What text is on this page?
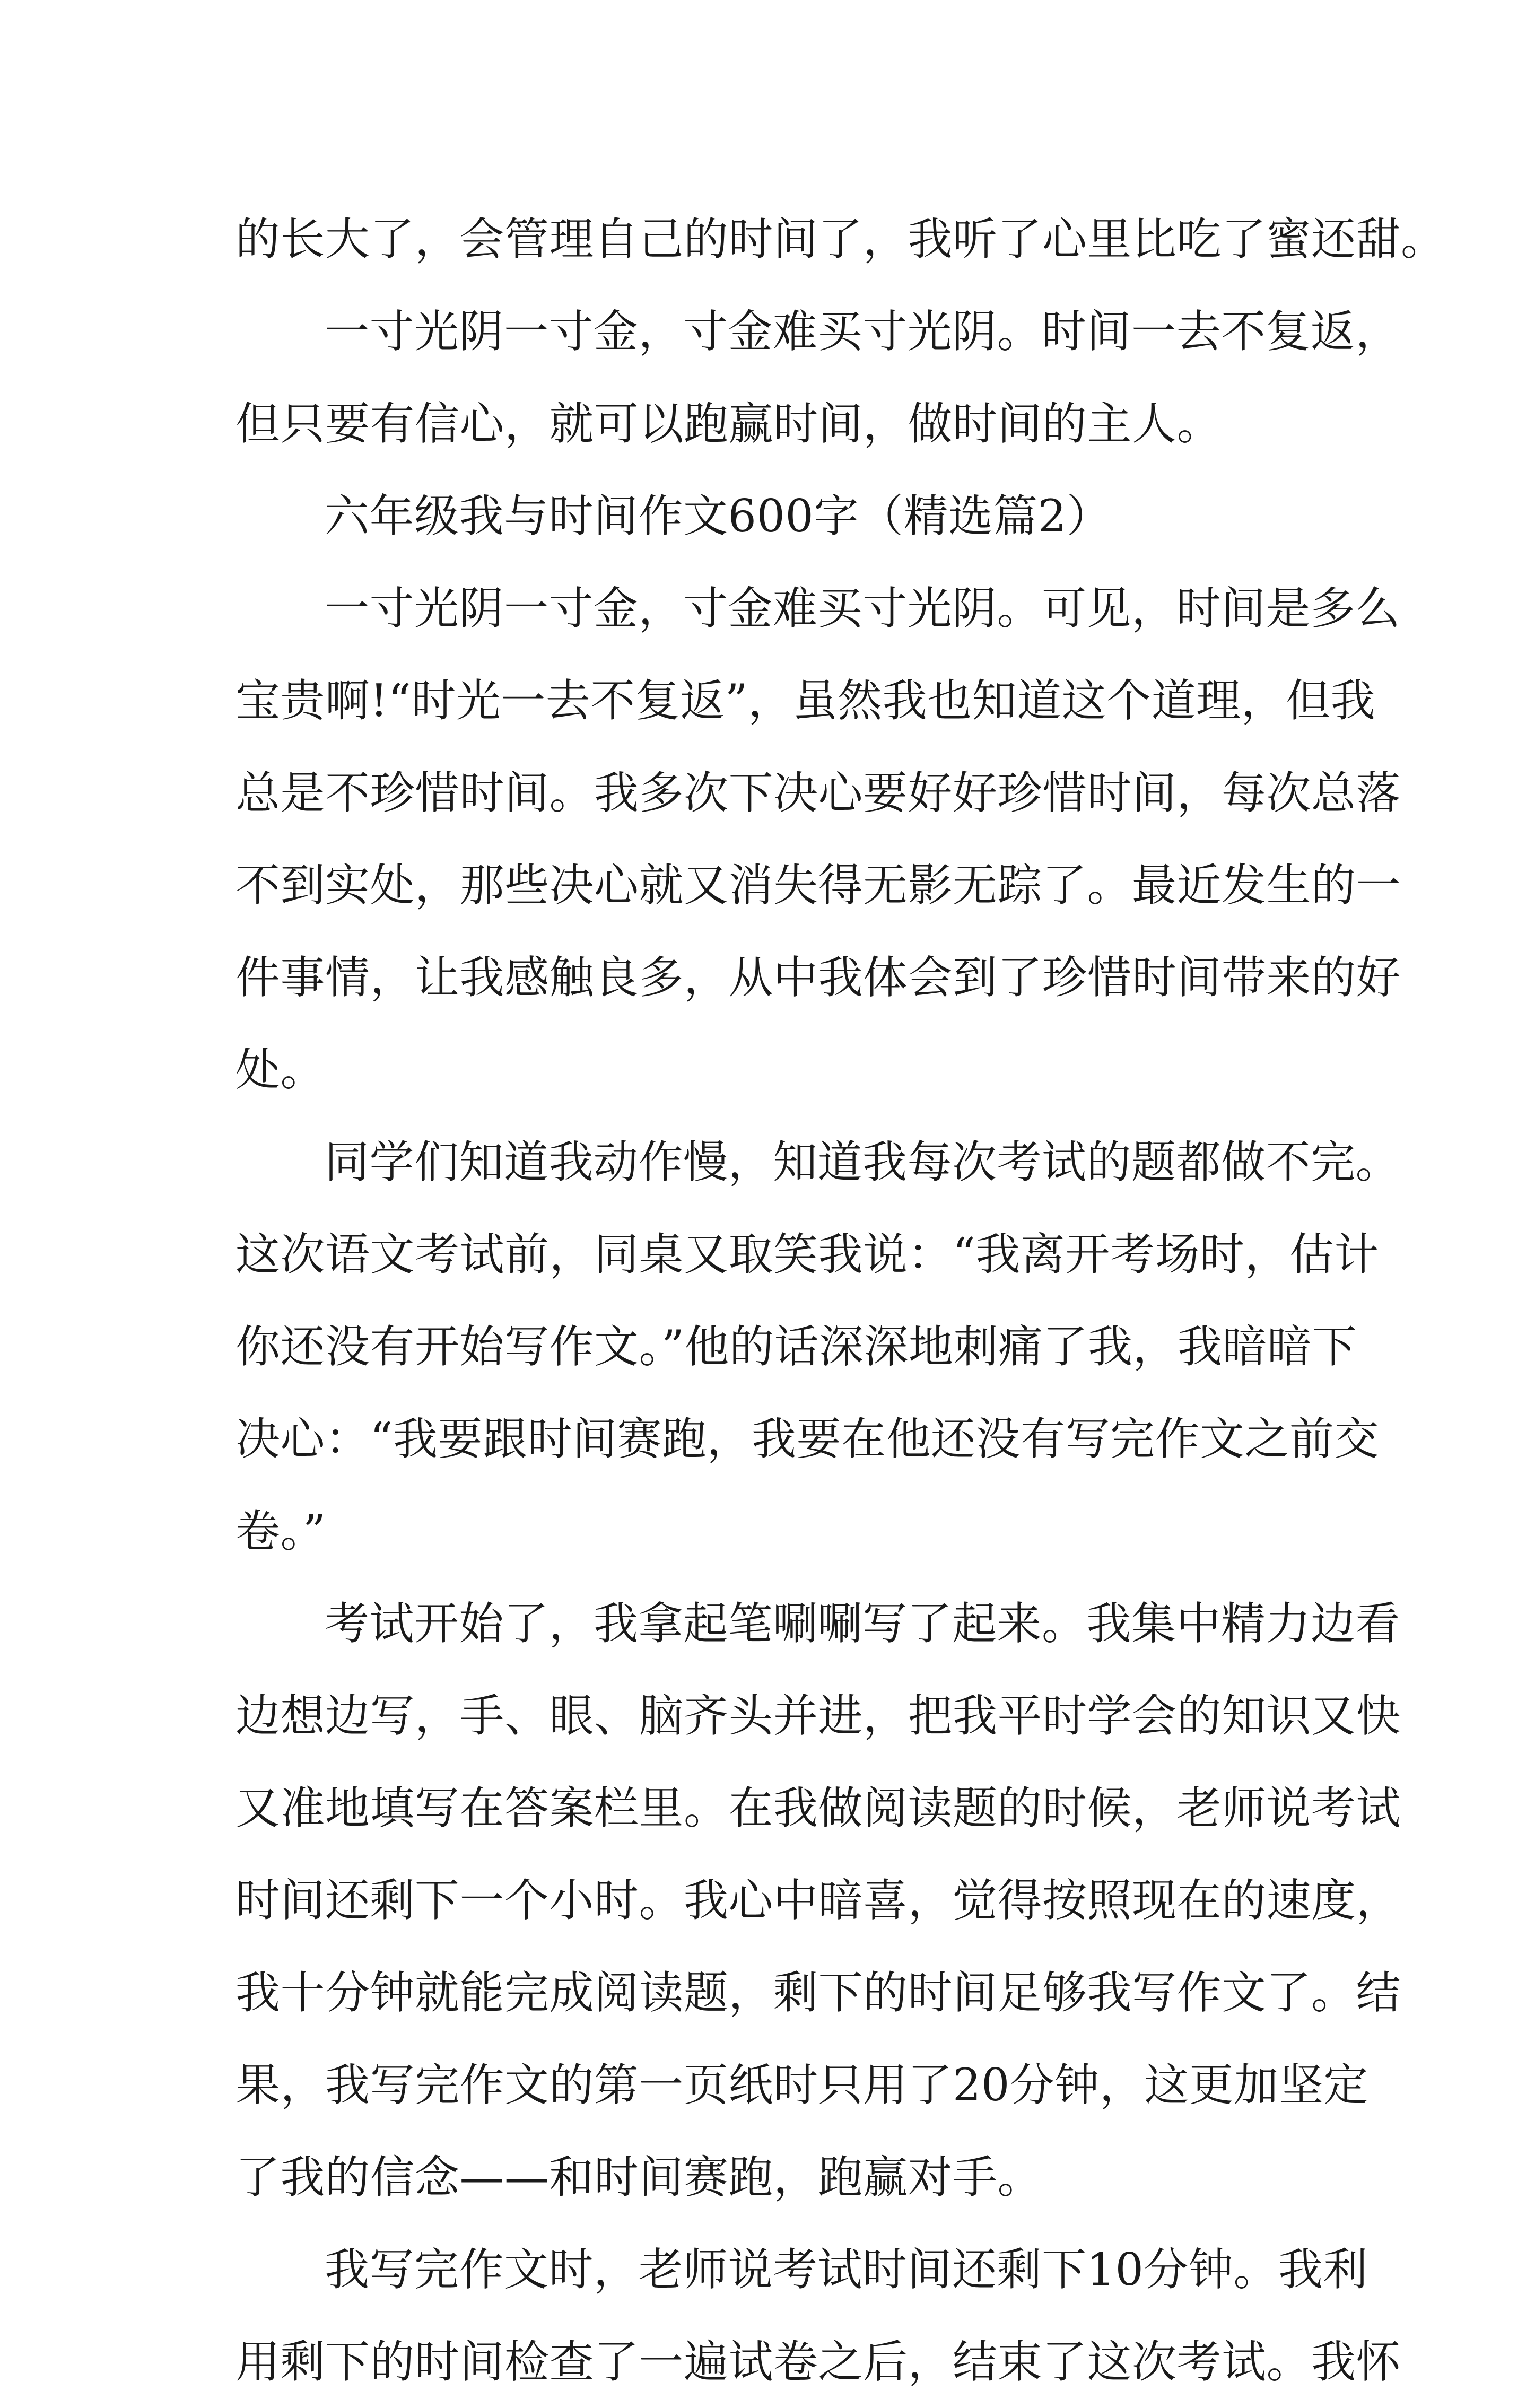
的长大了，会管理自己的时间了，我听了心里比吃了蜜还甜。
一寸光阴一寸金，寸金难买寸光阴。时间一去不复返，
但只要有信心，就可以跑赢时间，做时间的主人。
六年级我与时间作文600字（精选篇2）
一寸光阴一寸金，寸金难买寸光阴。可见，时间是多么
宝贵啊!“时光一去不复返”，虽然我也知道这个道理，但我
总是不珍惜时间。我多次下决心要好好珍惜时间，每次总落
不到实处，那些决心就又消失得无影无踪了。最近发生的一
件事情，让我感触良多，从中我体会到了珍惜时间带来的好
处。
同学们知道我动作慢，知道我每次考试的题都做不完。
这次语文考试前，同桌又取笑我说：“我离开考场时，估计
你还没有开始写作文。”他的话深深地刺痛了我，我暗暗下
决心：“我要跟时间赛跑，我要在他还没有写完作文之前交
卷。”
考试开始了，我拿起笔唰唰写了起来。我集中精力边看
边想边写，手、眼、脑齐头并进，把我平时学会的知识又快
又准地填写在答案栏里。在我做阅读题的时候，老师说考试
时间还剩下一个小时。我心中暗喜，觉得按照现在的速度，
我十分钟就能完成阅读题，剩下的时间足够我写作文了。结
果，我写完作文的第一页纸时只用了20分钟，这更加坚定
了我的信念——和时间赛跑，跑赢对手。
我写完作文时，老师说考试时间还剩下10分钟。我利
用剩下的时间检查了一遍试卷之后，结束了这次考试。我怀
